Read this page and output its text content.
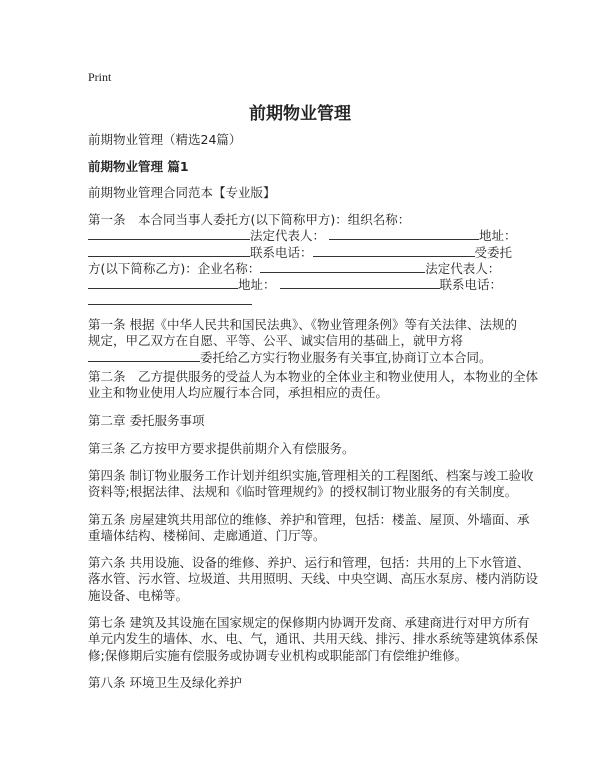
Print
前期物业管理
前期物业管理（精选24篇）
前期物业管理 篇1
前期物业管理合同范本【专业版】
第一条　本合同当事人委托方(以下简称甲方)：组织名称：
法定代表人：	地址：
联系电话：	受委托
方(以下简称乙方)：企业名称：	法定代表人：
地址：	联系电话：
第一条 根据《中华人民共和国民法典》、《物业管理条例》等有关法律、法规的
规定，甲乙双方在自愿、平等、公平、诚实信用的基础上，就甲方将
委托给乙方实行物业服务有关事宜,协商订立本合同。
第二条　乙方提供服务的受益人为本物业的全体业主和物业使用人，本物业的全体
业主和物业使用人均应履行本合同，承担相应的责任。
第二章 委托服务事项
第三条 乙方按甲方要求提供前期介入有偿服务。
第四条 制订物业服务工作计划并组织实施,管理相关的工程图纸、档案与竣工验收
资料等;根据法律、法规和《临时管理规约》的授权制订物业服务的有关制度。
第五条 房屋建筑共用部位的维修、养护和管理，包括：楼盖、屋顶、外墙面、承
重墙体结构、楼梯间、走廊通道、门厅等。
第六条 共用设施、设备的维修、养护、运行和管理，包括：共用的上下水管道、
落水管、污水管、垃圾道、共用照明、天线、中央空调、高压水泵房、楼内消防设
施设备、电梯等。
第七条 建筑及其设施在国家规定的保修期内协调开发商、承建商进行对甲方所有
单元内发生的墙体、水、电、气，通讯、共用天线、排污、排水系统等建筑体系保
修;保修期后实施有偿服务或协调专业机构或职能部门有偿维护维修。
第八条 环境卫生及绿化养护
